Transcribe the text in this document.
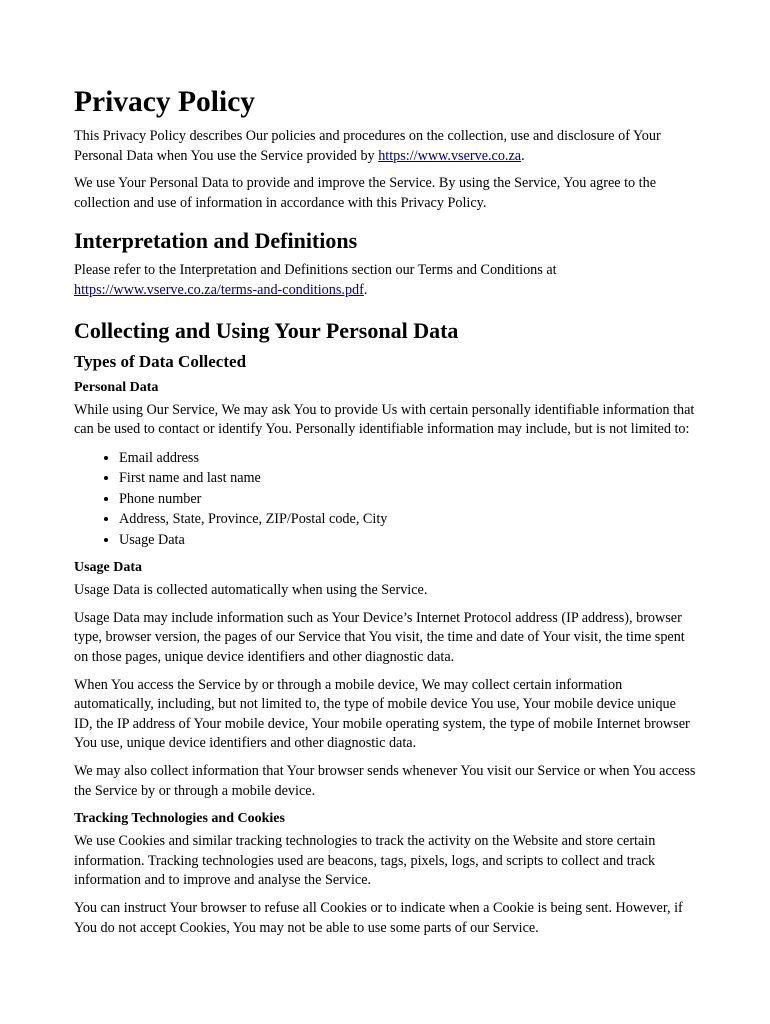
Privacy Policy

This Privacy Policy describes Our policies and procedures on the collection, use and disclosure of Your Personal Data when You use the Service provided by https://www.vserve.co.za.

We use Your Personal Data to provide and improve the Service. By using the Service, You agree to the collection and use of information in accordance with this Privacy Policy.

Interpretation and Definitions

Please refer to the Interpretation and Definitions section our Terms and Conditions at https://www.vserve.co.za/terms-and-conditions.pdf.

Collecting and Using Your Personal Data
Types of Data Collected
Personal Data

While using Our Service, We may ask You to provide Us with certain personally identifiable information that can be used to contact or identify You. Personally identifiable information may include, but is not limited to:

• Email address
• First name and last name
• Phone number
• Address, State, Province, ZIP/Postal code, City
• Usage Data
Usage Data

Usage Data is collected automatically when using the Service.

Usage Data may include information such as Your Device’s Internet Protocol address (IP address), browser type, browser version, the pages of our Service that You visit, the time and date of Your visit, the time spent on those pages, unique device identifiers and other diagnostic data.

When You access the Service by or through a mobile device, We may collect certain information automatically, including, but not limited to, the type of mobile device You use, Your mobile device unique ID, the IP address of Your mobile device, Your mobile operating system, the type of mobile Internet browser You use, unique device identifiers and other diagnostic data.

We may also collect information that Your browser sends whenever You visit our Service or when You access the Service by or through a mobile device.

Tracking Technologies and Cookies

We use Cookies and similar tracking technologies to track the activity on the Website and store certain information. Tracking technologies used are beacons, tags, pixels, logs, and scripts to collect and track information and to improve and analyse the Service.

You can instruct Your browser to refuse all Cookies or to indicate when a Cookie is being sent. However, if You do not accept Cookies, You may not be able to use some parts of our Service.
